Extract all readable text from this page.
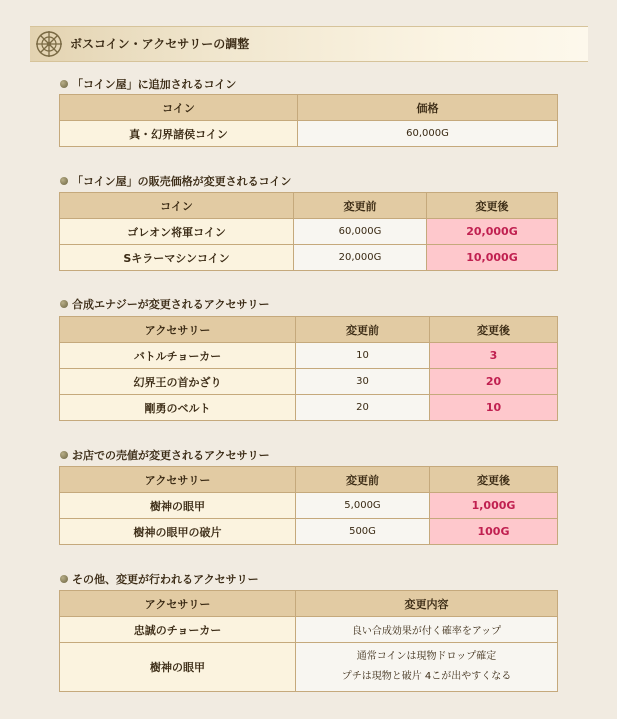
ボスコイン・アクセサリーの調整
「コイン屋」に追加されるコイン
コイン	価格
真・幻界諸侯コイン	60,000G
「コイン屋」の販売価格が変更されるコイン
コイン	変更前	変更後
ゴレオン将軍コイン	60,000G	20,000G
Sキラーマシンコイン	20,000G	10,000G
合成エナジーが変更されるアクセサリー
アクセサリー	変更前	変更後
バトルチョーカー	10	3
幻界王の首かざり	30	20
剛勇のベルト	20	10
お店での売値が変更されるアクセサリー
アクセサリー	変更前	変更後
樹神の眼甲	5,000G	1,000G
樹神の眼甲の破片	500G	100G
その他、変更が行われるアクセサリー
アクセサリー	変更内容
忠誠のチョーカー	良い合成効果が付く確率をアップ
樹神の眼甲	通常コインは現物ドロップ確定
プチは現物と破片 4こが出やすくなる
